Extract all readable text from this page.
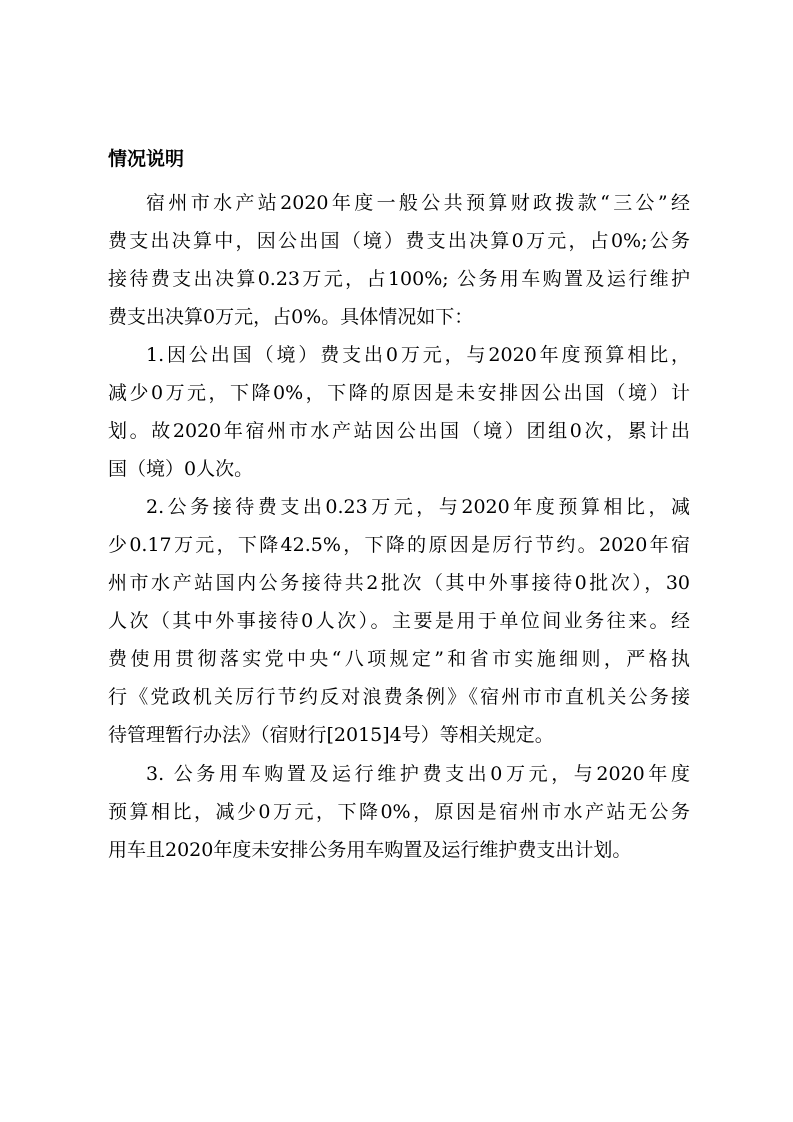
情况说明
宿州市水产站2020年度一般公共预算财政拨款“三公”经
费支出决算中，因公出国（境）费支出决算0万元，占0%;公务
接待费支出决算0.23万元，占100%; 公务用车购置及运行维护
费支出决算0万元，占0%。具体情况如下：
1.因公出国（境）费支出0万元，与2020年度预算相比，
减少0万元，下降0%，下降的原因是未安排因公出国（境）计
划。故2020年宿州市水产站因公出国（境）团组0次，累计出
国（境）0人次。
2.公务接待费支出0.23万元，与2020年度预算相比，减
少0.17万元，下降42.5%，下降的原因是厉行节约。2020年宿
州市水产站国内公务接待共2批次（其中外事接待0批次），30
人次（其中外事接待0人次）。主要是用于单位间业务往来。经
费使用贯彻落实党中央“八项规定”和省市实施细则，严格执
行《党政机关厉行节约反对浪费条例》《宿州市市直机关公务接
待管理暂行办法》（宿财行[2015]4号）等相关规定。
3. 公务用车购置及运行维护费支出0万元，与2020年度
预算相比，减少0万元，下降0%，原因是宿州市水产站无公务
用车且2020年度未安排公务用车购置及运行维护费支出计划。
